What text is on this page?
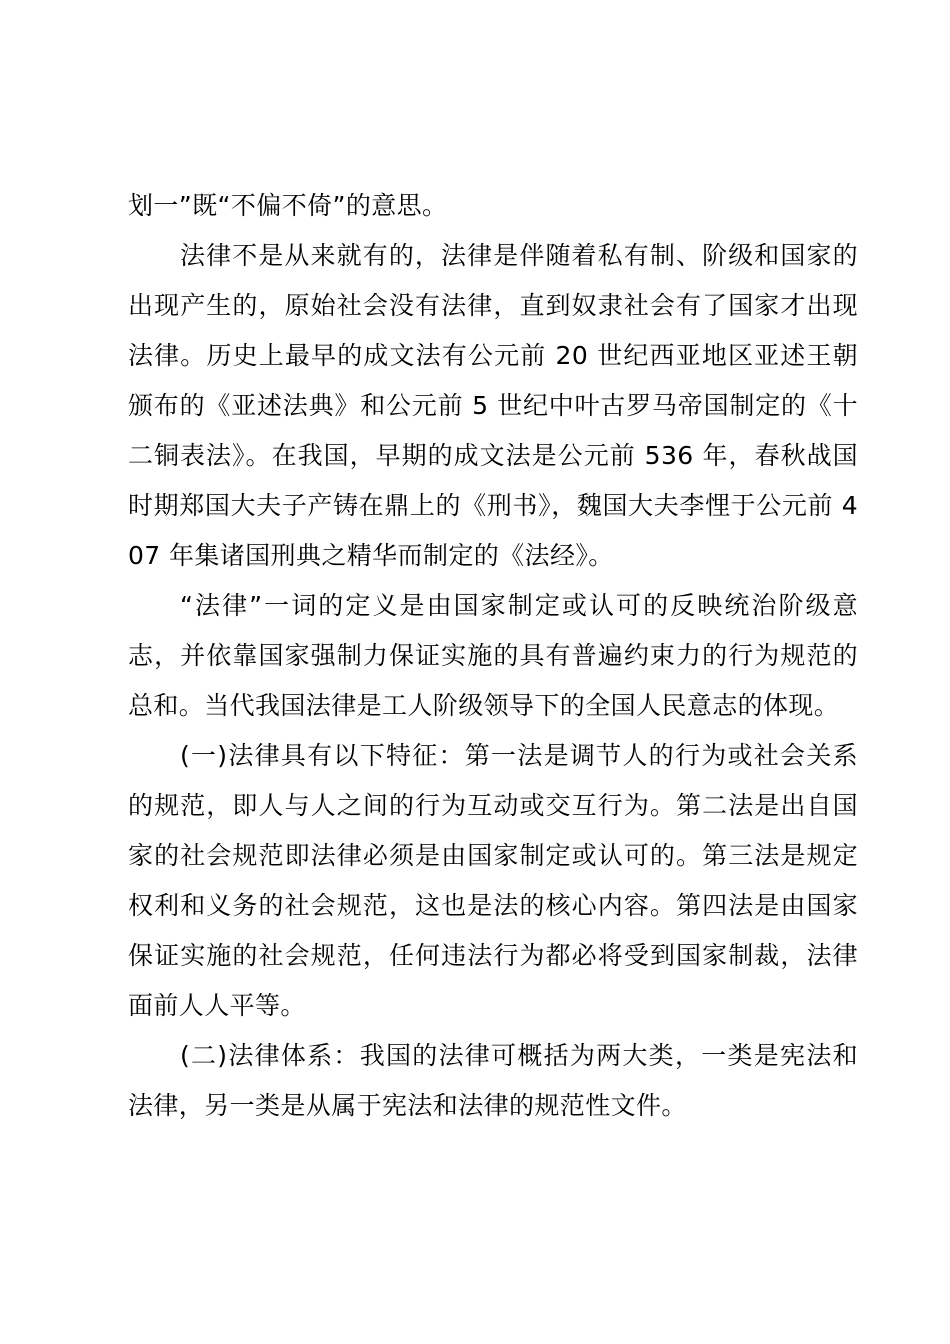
划一”既“不偏不倚”的意思。

法律不是从来就有的，法律是伴随着私有制、阶级和国家的出现产生的，原始社会没有法律，直到奴隶社会有了国家才出现法律。历史上最早的成文法有公元前 20 世纪西亚地区亚述王朝颁布的《亚述法典》和公元前 5 世纪中叶古罗马帝国制定的《十二铜表法》。在我国，早期的成文法是公元前 536 年，春秋战国时期郑国大夫子产铸在鼎上的《刑书》，魏国大夫李悝于公元前 407 年集诸国刑典之精华而制定的《法经》。

“法律”一词的定义是由国家制定或认可的反映统治阶级意志，并依靠国家强制力保证实施的具有普遍约束力的行为规范的总和。当代我国法律是工人阶级领导下的全国人民意志的体现。

(一)法律具有以下特征：第一法是调节人的行为或社会关系的规范，即人与人之间的行为互动或交互行为。第二法是出自国家的社会规范即法律必须是由国家制定或认可的。第三法是规定权利和义务的社会规范，这也是法的核心内容。第四法是由国家保证实施的社会规范，任何违法行为都必将受到国家制裁，法律面前人人平等。

(二)法律体系：我国的法律可概括为两大类，一类是宪法和法律，另一类是从属于宪法和法律的规范性文件。
